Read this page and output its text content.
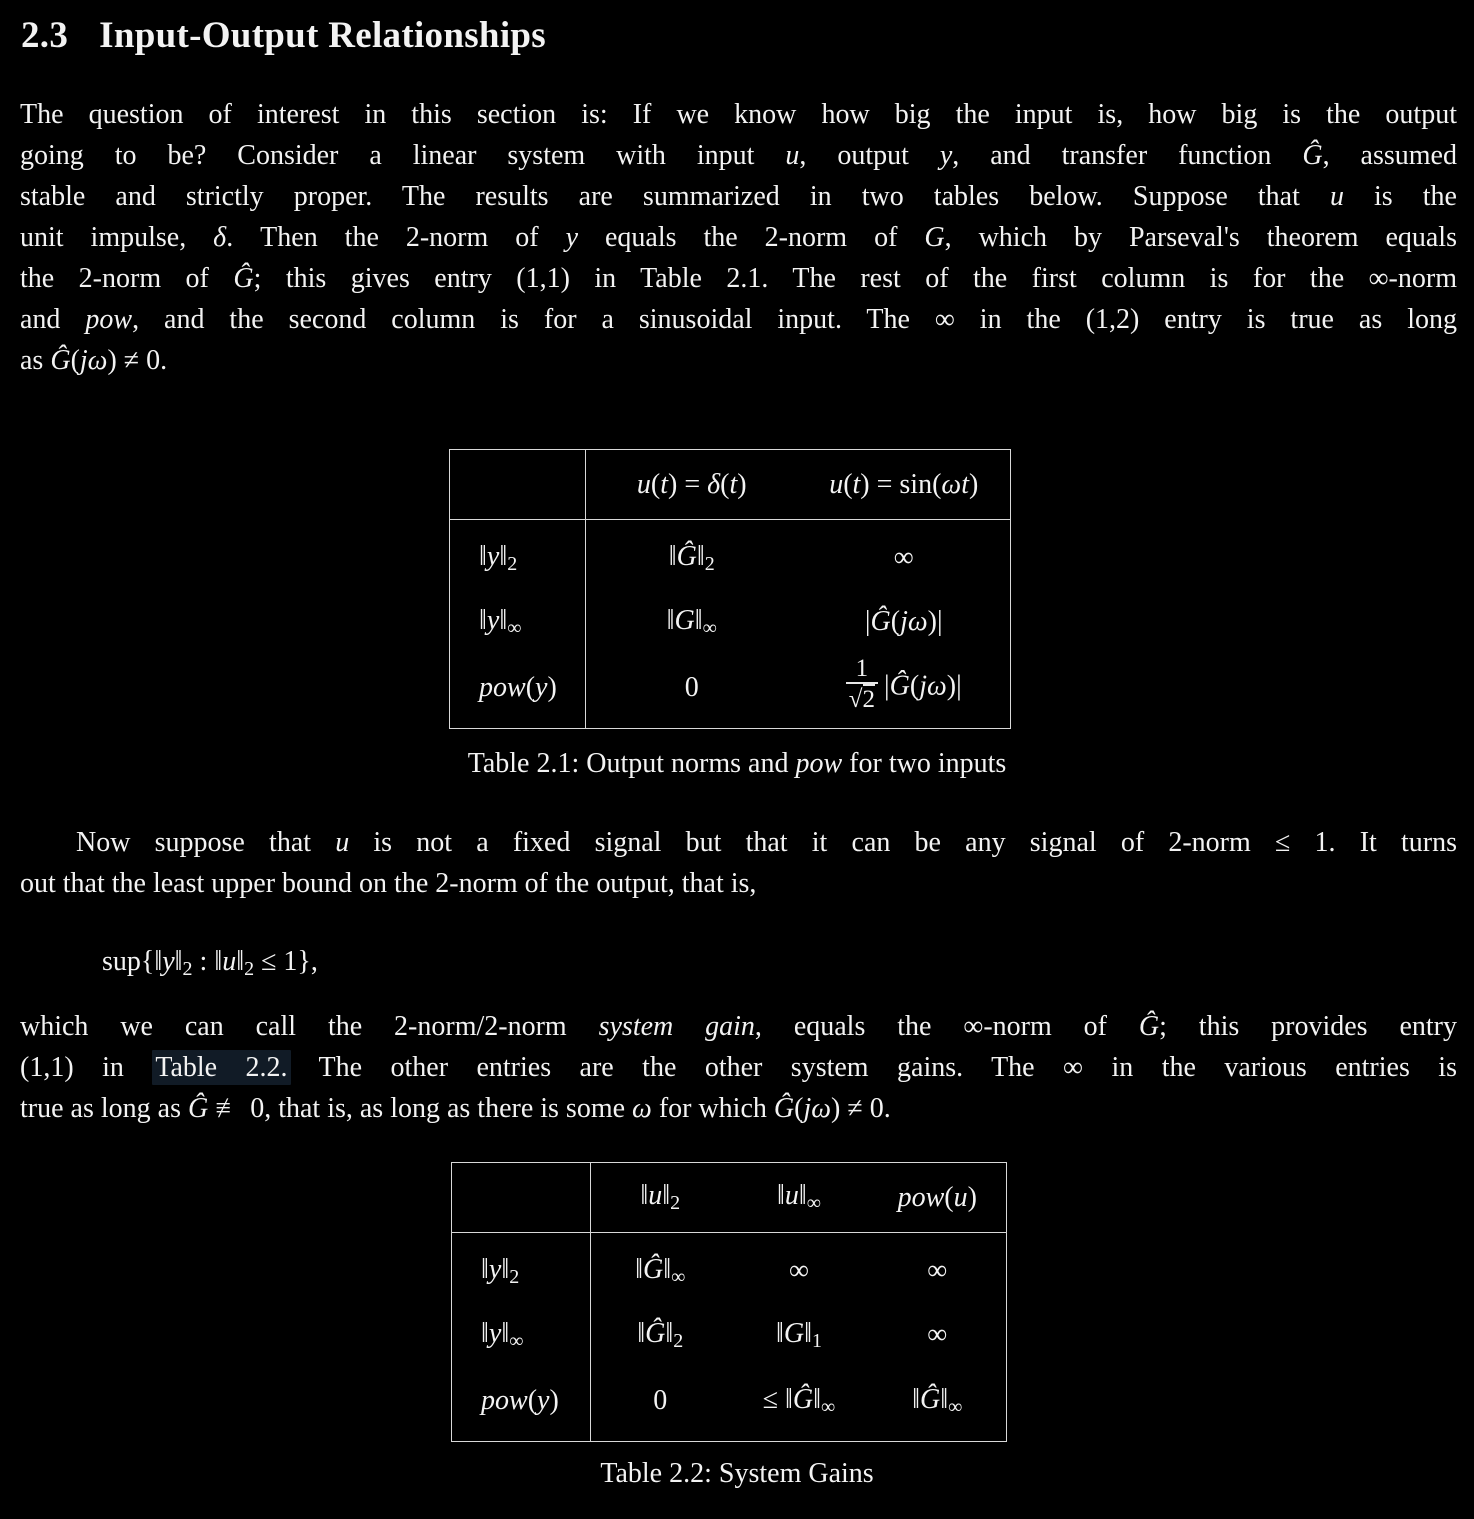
2.3 Input-Output Relationships
The question of interest in this section is: If we know how big the input is, how big is the output
going to be? Consider a linear system with input u, output y, and transfer function Ĝ, assumed
stable and strictly proper. The results are summarized in two tables below. Suppose that u is the
unit impulse, δ. Then the 2-norm of y equals the 2-norm of G, which by Parseval's theorem equals
the 2-norm of Ĝ; this gives entry (1,1) in Table 2.1. The rest of the first column is for the ∞-norm
and pow, and the second column is for a sinusoidal input. The ∞ in the (1,2) entry is true as long
as Ĝ(jω) ≠ 0.
	u(t) = δ(t)	u(t) = sin(ωt)
$‖y‖_2$	$‖Ĝ‖_2$	∞
$‖y‖_\infty$	$‖G‖_\infty$	|Ĝ(jω)|
pow(y)	0	$\frac{1}{√2}$ |Ĝ(jω)|
Table 2.1: Output norms and pow for two inputs
Now suppose that u is not a fixed signal but that it can be any signal of 2-norm ≤ 1. It turns
out that the least upper bound on the 2-norm of the output, that is,
$sup\{‖y‖_2$ : $‖u‖_2 \le 1$},
which we can call the 2-norm/2-norm system gain, equals the ∞-norm of Ĝ; this provides entry
(1,1) in Table 2.2. The other entries are the other system gains. The ∞ in the various entries is
true as long as Ĝ ≢ 0, that is, as long as there is some ω for which Ĝ(jω) ≠ 0.
	$‖u‖_2$	$‖u‖_\infty$	pow(u)
$‖y‖_2$	$‖Ĝ‖_\infty$	∞	∞
$‖y‖_\infty$	$‖Ĝ‖_2$	$‖G‖_1$	∞
pow(y)	0	≤ $‖Ĝ‖_\infty$	$‖Ĝ‖_\infty$
Table 2.2: System Gains
